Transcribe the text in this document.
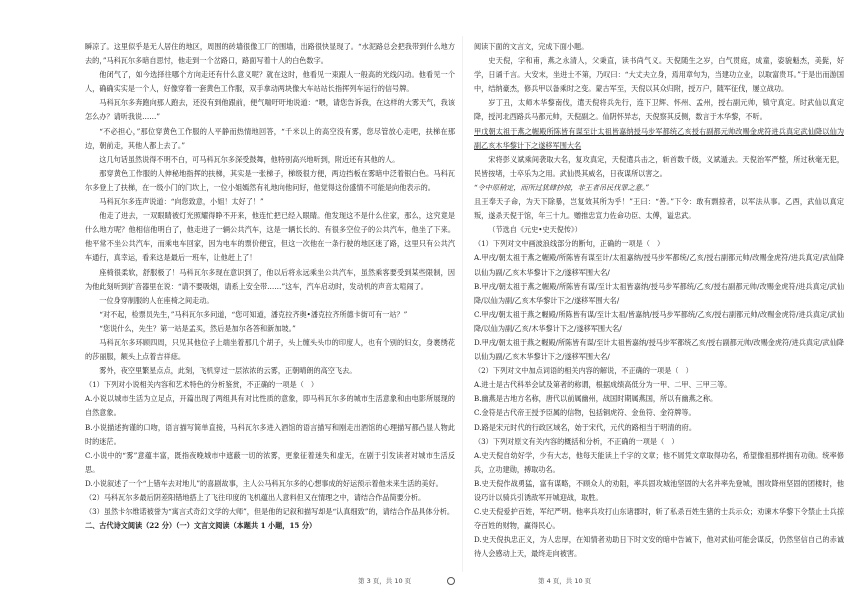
瞬凉了。这里似乎是无人居住的地区，周围的砖墙很像工厂的围墙，出路很快显现了。“水泥路总会把我带到什么地方去的，”马科瓦尔多暗自思忖，他走到一个岔路口，路面写着十人的白色数字。

他闭气了，如今选择往哪个方向走还有什么意义呢？就在这时，他看见一束跟人一般高的光线闪动。他看见一个人，确确实实是一个人，好像穿着一套黄色工作服，双手拿动两块像大车站站长指挥列车运行的信号牌。

马科瓦尔多奔跑向那人跑去，还没有到他跟前，便气喘吁吁地说道：“喂，请您告诉我，在这样的大雾天气，我该怎么办？请听我说……”

“不必担心，”那位穿黄色工作服的人平静而热情地回答，“千米以上的高空没有雾，您尽管放心走吧，扶梯在那边，朝前走，其他人都上去了。”

这几句话虽然说得不明不白，可马科瓦尔多深受鼓舞，他特别高兴地听到，附近还有其他的人。

那穿黄色工作服的人伸秘地指挥的扶梯，其实是一张梯子，梯级很方便，两边挡板在雾暗中泛着银白色。马科瓦尔多登上了扶梯，在一级小门的门坎上，一位小姐嫣然有礼地向他问好，他觉得这份盛情不可能是向他表示的。

马科瓦尔多连声说道：“向您致意，小姐！太好了！”

他走了进去，一双眼睛被灯光照耀得睁不开来，他连忙把已经入眼睛。他发现这不是什么住家，那么，这究竟是什么地方呢？他相信他明白了，他走进了一辆公共汽车，这是一辆长长的、有很多空位子的公共汽车，他坐了下来。他平常不坐公共汽车，而乘电车回家，因为电车的票价便宜，但这一次他在一条行驶的地区迷了路，这里只有公共汽车通行，真幸运，看来这是最后一班车，让他赶上了！

座椅很柔软，舒服极了！马科瓦尔多现在意识到了，他以后将永远乘坐公共汽车，虽然乘客要受到某些限制，因为他此刻听到扩音器里在说：“请不要吸烟，请系上安全带……”这车，汽车启动时，发动机的声音太喧闹了。

一位身穿制服的人在座椅之间走动。

“对不起，检票员先生，”马科瓦尔多问道，“您可知道，潘克拉齐奥•潘克拉齐所德卡街可有一站？”

“您说什么，先生？第一站是孟买，然后是加尔各答和新加坡。”

马科瓦尔多环顾四周，只见其他位子上端坐着那几个胡子，头上缠头头巾的印度人，也有个别的妇女，身裹绣花的莎丽服，额头上点着吉祥痣。

雾外，夜空里繁星点点，此刻，飞机穿过一层浓浓的云雾，正朝晴朗的高空飞去。

（1）下列对小说相关内容和艺术特色的分析鉴赏，不正确的一项是（　）

A.小说以城市生活为立足点，开篇出现了两组具有对比性质的意象，即马科瓦尔多的城市生活意象和由电影所展现的自然意象。

B.小说描述拘谨的口吻，语言描写简单直接，马科瓦尔多进入酒馆的语言描写和刚走出酒馆的心理描写都凸显人物此时的迷茫。

C.小说中的“雾”意蕴丰富，既指夜晚城市中遮蔽一切的浓雾，更象征着迷失和虚无，在剧于引发读者对城市生活反思。

D.小说叙述了一个“上错车去对地儿”的喜剧故事，主人公马科瓦尔多的心想事成的好运预示着他未来生活的美好。

（2）马科瓦尔多最后阴差阳错地搭上了飞往印度的飞机蕴出人意料但又在情理之中，请结合作品简要分析。

（3）虽然卡尔维诺被誉为“寓言式奇幻文学的大师”，但是他的记叙和描写却是“认真细致”的，请结合作品具体分析。

二、古代诗文阅读（22 分）（一）文言文阅读（本题共 1 小题，15 分）

阅读下面的文言文，完成下面小题。

史天倪，字和甫，燕之永清人，父秉直，读书尚气义。天倪随生之岁，白气贯庭，成童，姿貌魁杰，美髭，好学，日诵千言。大安末，坐进士不第，乃叹曰：“大丈夫立身，焉用章句为，当建功立业，以取富贵耳。”于是出而游国中，结纳豪杰，修兵甲以备乘时之变。蒙古军至，天倪以其众归附，授万户，随军征伐，屡立战功。

岁丁丑，太师木华黎南伐，遣天倪将兵先行，连下卫辉、怀州、孟州，授右副元帅，镇守真定。时武仙以真定降，授河北西路兵马都元帅，天倪副之。仙阴怀异志，天倪察其反侧，数言于木华黎，不听。

甲戊朝太祖于燕之幄殿所陈皆有谋至计太祖皆嘉纳授马步军都统乙亥授右副都元帅改赐金虎符进兵真定武仙降以仙为副乙亥木华黎计下之遂移军围大名

宋将彭义斌乘间袭取大名，复攻真定，天倪遣兵击之，斩首数千级，义斌遁去。天倪治军严整，所过秋毫无犯，民皆按堵，士卒乐为之用。武仙畏其威名，日夜谋所以害之。

“令中原稍定，而所过犹肆抄掠，非王者吊民伐罪之意。”

且王奉天子命，为天下除暴，岂复效其所为乎！”王曰：“善。”下令：敢有剽掠者，以军法从事。乙酉，武仙以真定叛，遂杀天倪于馆，年三十九。赠推忠宣力佐命功臣、太傅，谥忠武。

（节选自《元史•史天倪传》）

（1）下列对文中画波浪线部分的断句，正确的一项是（　）

A.甲戌/朝太祖于燕之幄殿/所陈皆有谋至计/太祖嘉纳/授马步军都统/乙亥/授右副都元帅/改赐金虎符/进兵真定/武仙降以仙为副/乙亥木华黎计下之/遂移军围大名/

B.甲戌/朝太祖于燕之幄殿/所陈皆有谋/至计太祖皆嘉纳/授马步军都统/乙亥/授右副都元帅/改赐金虎符/进兵真定/武仙降/以仙为副/乙亥木华黎计下之/遂移军围大名/

C.甲戌/朝太祖于燕之幄殿/所陈皆有谋/至计太祖/皆嘉纳/授马步军都统/乙亥/授右副都元帅/改赐金虎符/进兵真定/武仙降/以仙为副/乙亥/木华黎计下之/遂移军围大名/

D.甲戌/朝太祖于燕之幄殿/所陈皆有谋/至计太祖皆嘉纳/授马步军都统乙亥/授右副都元帅/改赐金虎符/进兵真定/武仙降以仙为副/乙亥木华黎计下之/遂移军围大名/

（2）下列对文中加点词语的相关内容的解说，不正确的一项是（　）

A.进士是古代科举会试及第者的称谓，根据成绩高低分为一甲、二甲、三甲三等。

B.幽燕是古地方名称，唐代以前属幽州，战国时期属燕国，所以有幽燕之称。

C.金符是古代帝王授予臣属的信物，包括铜虎符、金鱼符、金符牌等。

D.路是宋元时代的行政区域名，始于宋代，元代的路相当于明清的府。

（3）下列对原文有关内容的概括和分析，不正确的一项是（　）

A.史天倪自幼好学，少有大志，他每天能读上千字的文章；他不屑凭文章取得功名，希望像祖那样拥有功勋。统率修兵，立功建勋，搏取功名。

B.史天倪作战勇猛，富有谋略，不顾众人的劝阻，率兵固攻城池坚固的大名并率先登城，围攻降州坚固的团楼时，他设巧计以骑兵引诱敌军开城迎战，取胜。

C.史天倪爱护百姓，军纪严明。他率兵攻打山东诸郡时，斩了私杀百姓生猪的士兵示众；劝谏木华黎下令禁止士兵掠夺百姓的财物，赢得民心。

D.史天倪执忠正义，为人忠厚，在知情者劝助日下时文安的暗中告诫下，他对武仙可能会谋反，仍然坚信自己的赤诚待人会感动上天，最终走向被害。

第 3 页，共 10 页	第 4 页，共 10 页
